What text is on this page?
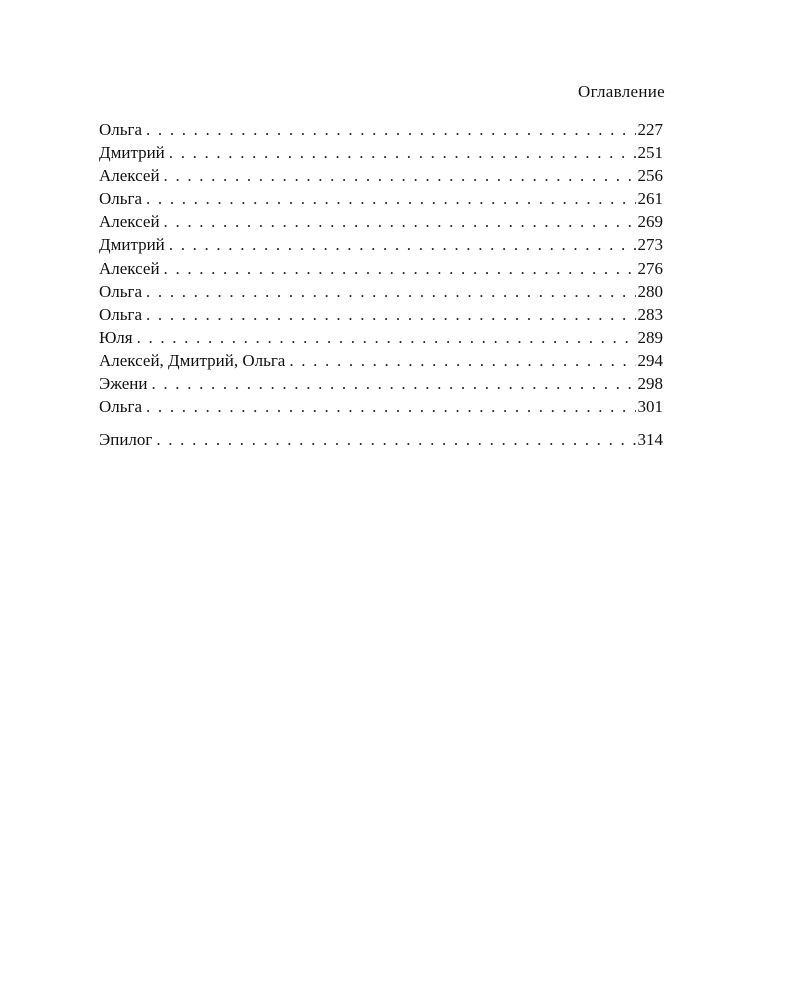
Оглавление
Ольга . . .	227
Дмитрий . . .	251
Алексей . . .	256
Ольга . . .	261
Алексей . . .	269
Дмитрий . . .	273
Алексей . . .	276
Ольга . . .	280
Ольга . . .	283
Юля . . .	289
Алексей, Дмитрий, Ольга . . .	294
Эжени . . .	298
Ольга . . .	301
Эпилог . . .	314
